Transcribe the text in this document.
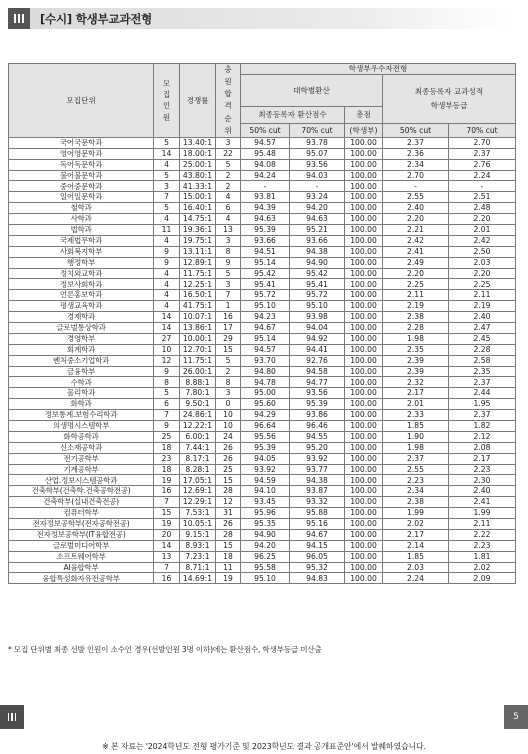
[수시] 학생부교과전형
모집단위	모집인원	경쟁률	충원합격순위	학생부우수자전형				
				대학별환산			최종등록자 교과성적
학생부등급	

				최종등록자 환산점수		총점		
				50% cut	70% cut	(학생부)	50% cut	70% cut
국어국문학과	5	13.40:1	3	94.57	93.78	100.00	2.37	2.70
영어영문학과	14	18.00:1	22	95.48	95.07	100.00	2.36	2.37
독어독문학과	4	25.00:1	5	94.08	93.56	100.00	2.34	2.76
불어불문학과	5	43.80:1	2	94.24	94.03	100.00	2.70	2.24
중어중문학과	3	41.33:1	2	-	-	100.00	-	-
일어일문학과	7	15.00:1	4	93.81	93.24	100.00	2.55	2.51
철학과	5	16.40:1	6	94.39	94.20	100.00	2.40	2.48
사학과	4	14.75:1	4	94.63	94.63	100.00	2.20	2.20
법학과	11	19.36:1	13	95.39	95.21	100.00	2.21	2.01
국제법무학과	4	19.75:1	3	93.66	93.66	100.00	2.42	2.42
사회복지학부	9	13.11:1	8	94.51	94.38	100.00	2.41	2.50
행정학부	9	12.89:1	9	95.14	94.90	100.00	2.49	2.03
정치외교학과	4	11.75:1	5	95.42	95.42	100.00	2.20	2.20
정보사회학과	4	12.25:1	3	95.41	95.41	100.00	2.25	2.25
언론홍보학과	4	16.50:1	7	95.72	95.72	100.00	2.11	2.11
평생교육학과	4	41.75:1	1	95.10	95.10	100.00	2.19	2.19
경제학과	14	10.07:1	16	94.23	93.98	100.00	2.38	2.40
글로벌통상학과	14	13.86:1	17	94.67	94.04	100.00	2.28	2.47
경영학부	27	10.00:1	29	95.14	94.92	100.00	1.98	2.45
회계학과	10	12.70:1	15	94.57	94.41	100.00	2.35	2.28
벤처중소기업학과	12	11.75:1	5	93.70	92.76	100.00	2.39	2.58
금융학부	9	26.00:1	2	94.80	94.58	100.00	2.39	2.35
수학과	8	8.88:1	8	94.78	94.77	100.00	2.32	2.37
물리학과	5	7.80:1	3	95.00	93.56	100.00	2.17	2.44
화학과	6	9.50:1	0	95.60	95.39	100.00	2.01	1.95
정보통계.보험수리학과	7	24.86:1	10	94.29	93.86	100.00	2.33	2.37
의생명시스템학부	9	12.22:1	10	96.64	96.46	100.00	1.85	1.82
화학공학과	25	6.00:1	24	95.56	94.55	100.00	1.90	2.12
신소재공학과	18	7.44:1	26	95.39	95.20	100.00	1.98	2.08
전기공학부	23	8.17:1	26	94.05	93.92	100.00	2.37	2.17
기계공학부	18	8.28:1	25	93.92	93.77	100.00	2.55	2.23
산업.정보시스템공학과	19	17.05:1	15	94.59	94.38	100.00	2.23	2.30
건축학부(건축학.건축공학전공)	16	12.69:1	28	94.10	93.87	100.00	2.34	2.40
건축학부(실내건축전공)	7	12.29:1	12	93.45	93.32	100.00	2.38	2.41
컴퓨터학부	15	7.53:1	31	95.96	95.88	100.00	1.99	1.99
전자정보공학부(전자공학전공)	19	10.05:1	26	95.35	95.16	100.00	2.02	2.11
전자정보공학부(IT융합전공)	20	9.15:1	28	94.90	94.67	100.00	2.17	2.22
글로벌미디어학부	14	8.93:1	15	94.20	94.15	100.00	2.14	2.23
소프트웨어학부	13	7.23:1	18	96.25	96.05	100.00	1.85	1.81
AI융합학부	7	8.71:1	11	95.58	95.32	100.00	2.03	2.02
융합특성화자유전공학부	16	14.69:1	19	95.10	94.83	100.00	2.24	2.09
* 모집 단위별 최종 선발 인원이 소수인 경우(선발인원 3명 이하)에는 환산점수, 학생부등급 미산출
5
※ 본 자료는 '2024학년도 전형 평가기준 및 2023학년도 결과 공개표준안'에서 발췌하였습니다.
